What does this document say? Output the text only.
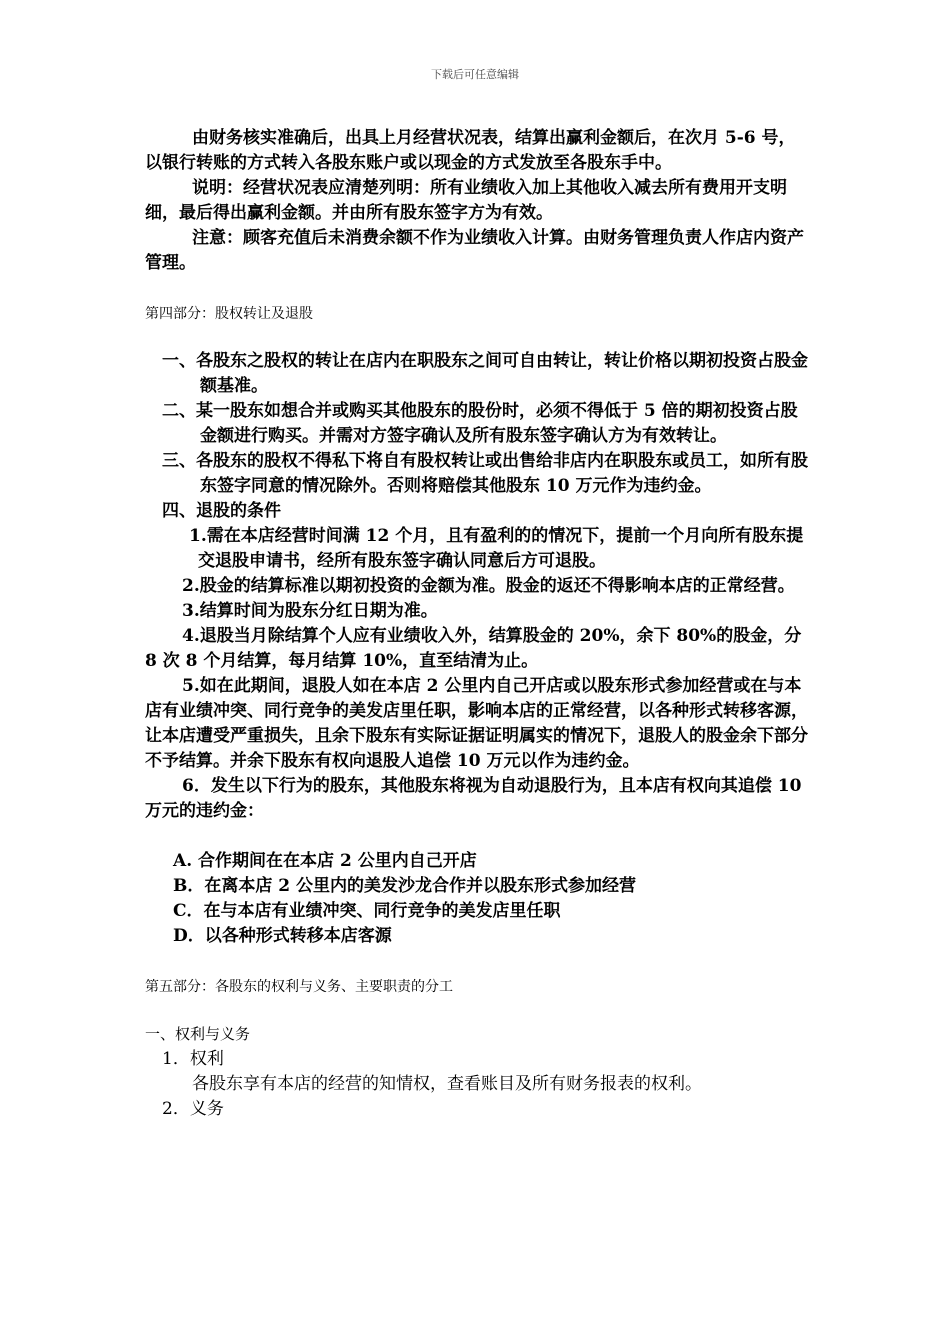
下载后可任意编辑

由财务核实准确后，出具上月经营状况表，结算出赢利金额后，在次月 5-6 号，以银行转账的方式转入各股东账户或以现金的方式发放至各股东手中。

说明：经营状况表应清楚列明：所有业绩收入加上其他收入减去所有费用开支明细，最后得出赢利金额。并由所有股东签字方为有效。

注意：顾客充值后未消费余额不作为业绩收入计算。由财务管理负责人作店内资产管理。

第四部分：股权转让及退股

一、各股东之股权的转让在店内在职股东之间可自由转让，转让价格以期初投资占股金额基准。

二、某一股东如想合并或购买其他股东的股份时，必须不得低于 5 倍的期初投资占股金额进行购买。并需对方签字确认及所有股东签字确认方为有效转让。

三、各股东的股权不得私下将自有股权转让或出售给非店内在职股东或员工，如所有股东签字同意的情况除外。否则将赔偿其他股东 10 万元作为违约金。

四、退股的条件

1.需在本店经营时间满 12 个月，且有盈利的的情况下，提前一个月向所有股东提交退股申请书，经所有股东签字确认同意后方可退股。

2.股金的结算标准以期初投资的金额为准。股金的返还不得影响本店的正常经营。

3.结算时间为股东分红日期为准。

4.退股当月除结算个人应有业绩收入外，结算股金的 20%，余下 80%的股金，分 8 次 8 个月结算，每月结算 10%，直至结清为止。

5.如在此期间，退股人如在本店 2 公里内自己开店或以股东形式参加经营或在与本店有业绩冲突、同行竞争的美发店里任职，影响本店的正常经营，以各种形式转移客源，让本店遭受严重损失，且余下股东有实际证据证明属实的情况下，退股人的股金余下部分不予结算。并余下股东有权向退股人追偿 10 万元以作为违约金。

6．发生以下行为的股东，其他股东将视为自动退股行为，且本店有权向其追偿 10 万元的违约金：

A. 合作期间在在本店 2 公里内自己开店

B．在离本店 2 公里内的美发沙龙合作并以股东形式参加经营

C．在与本店有业绩冲突、同行竞争的美发店里任职

D．以各种形式转移本店客源

第五部分：各股东的权利与义务、主要职责的分工

一、权利与义务

1．权利

各股东享有本店的经营的知情权，查看账目及所有财务报表的权利。

2．义务
